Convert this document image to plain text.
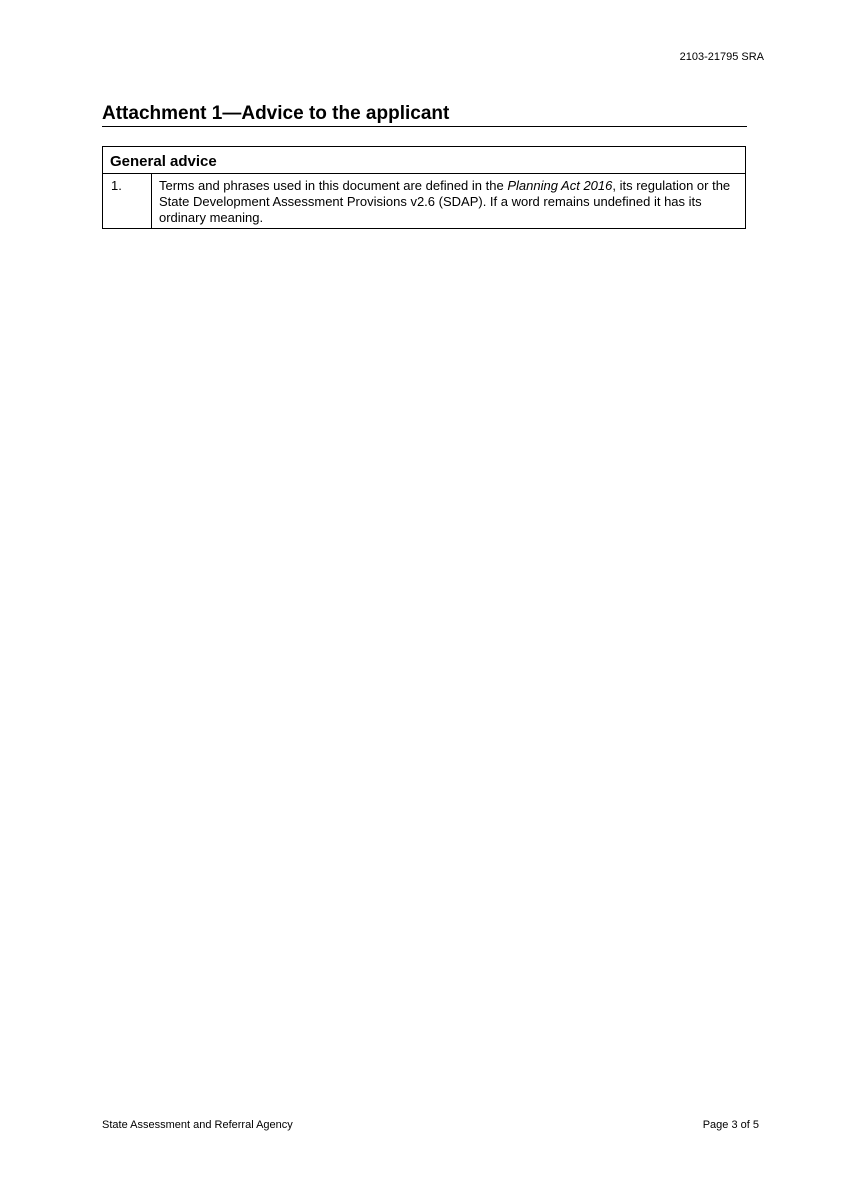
2103-21795 SRA
Attachment 1—Advice to the applicant
General advice
1.	Terms and phrases used in this document are defined in the Planning Act 2016, its regulation or the State Development Assessment Provisions v2.6 (SDAP). If a word remains undefined it has its ordinary meaning.
State Assessment and Referral Agency	Page 3 of 5
